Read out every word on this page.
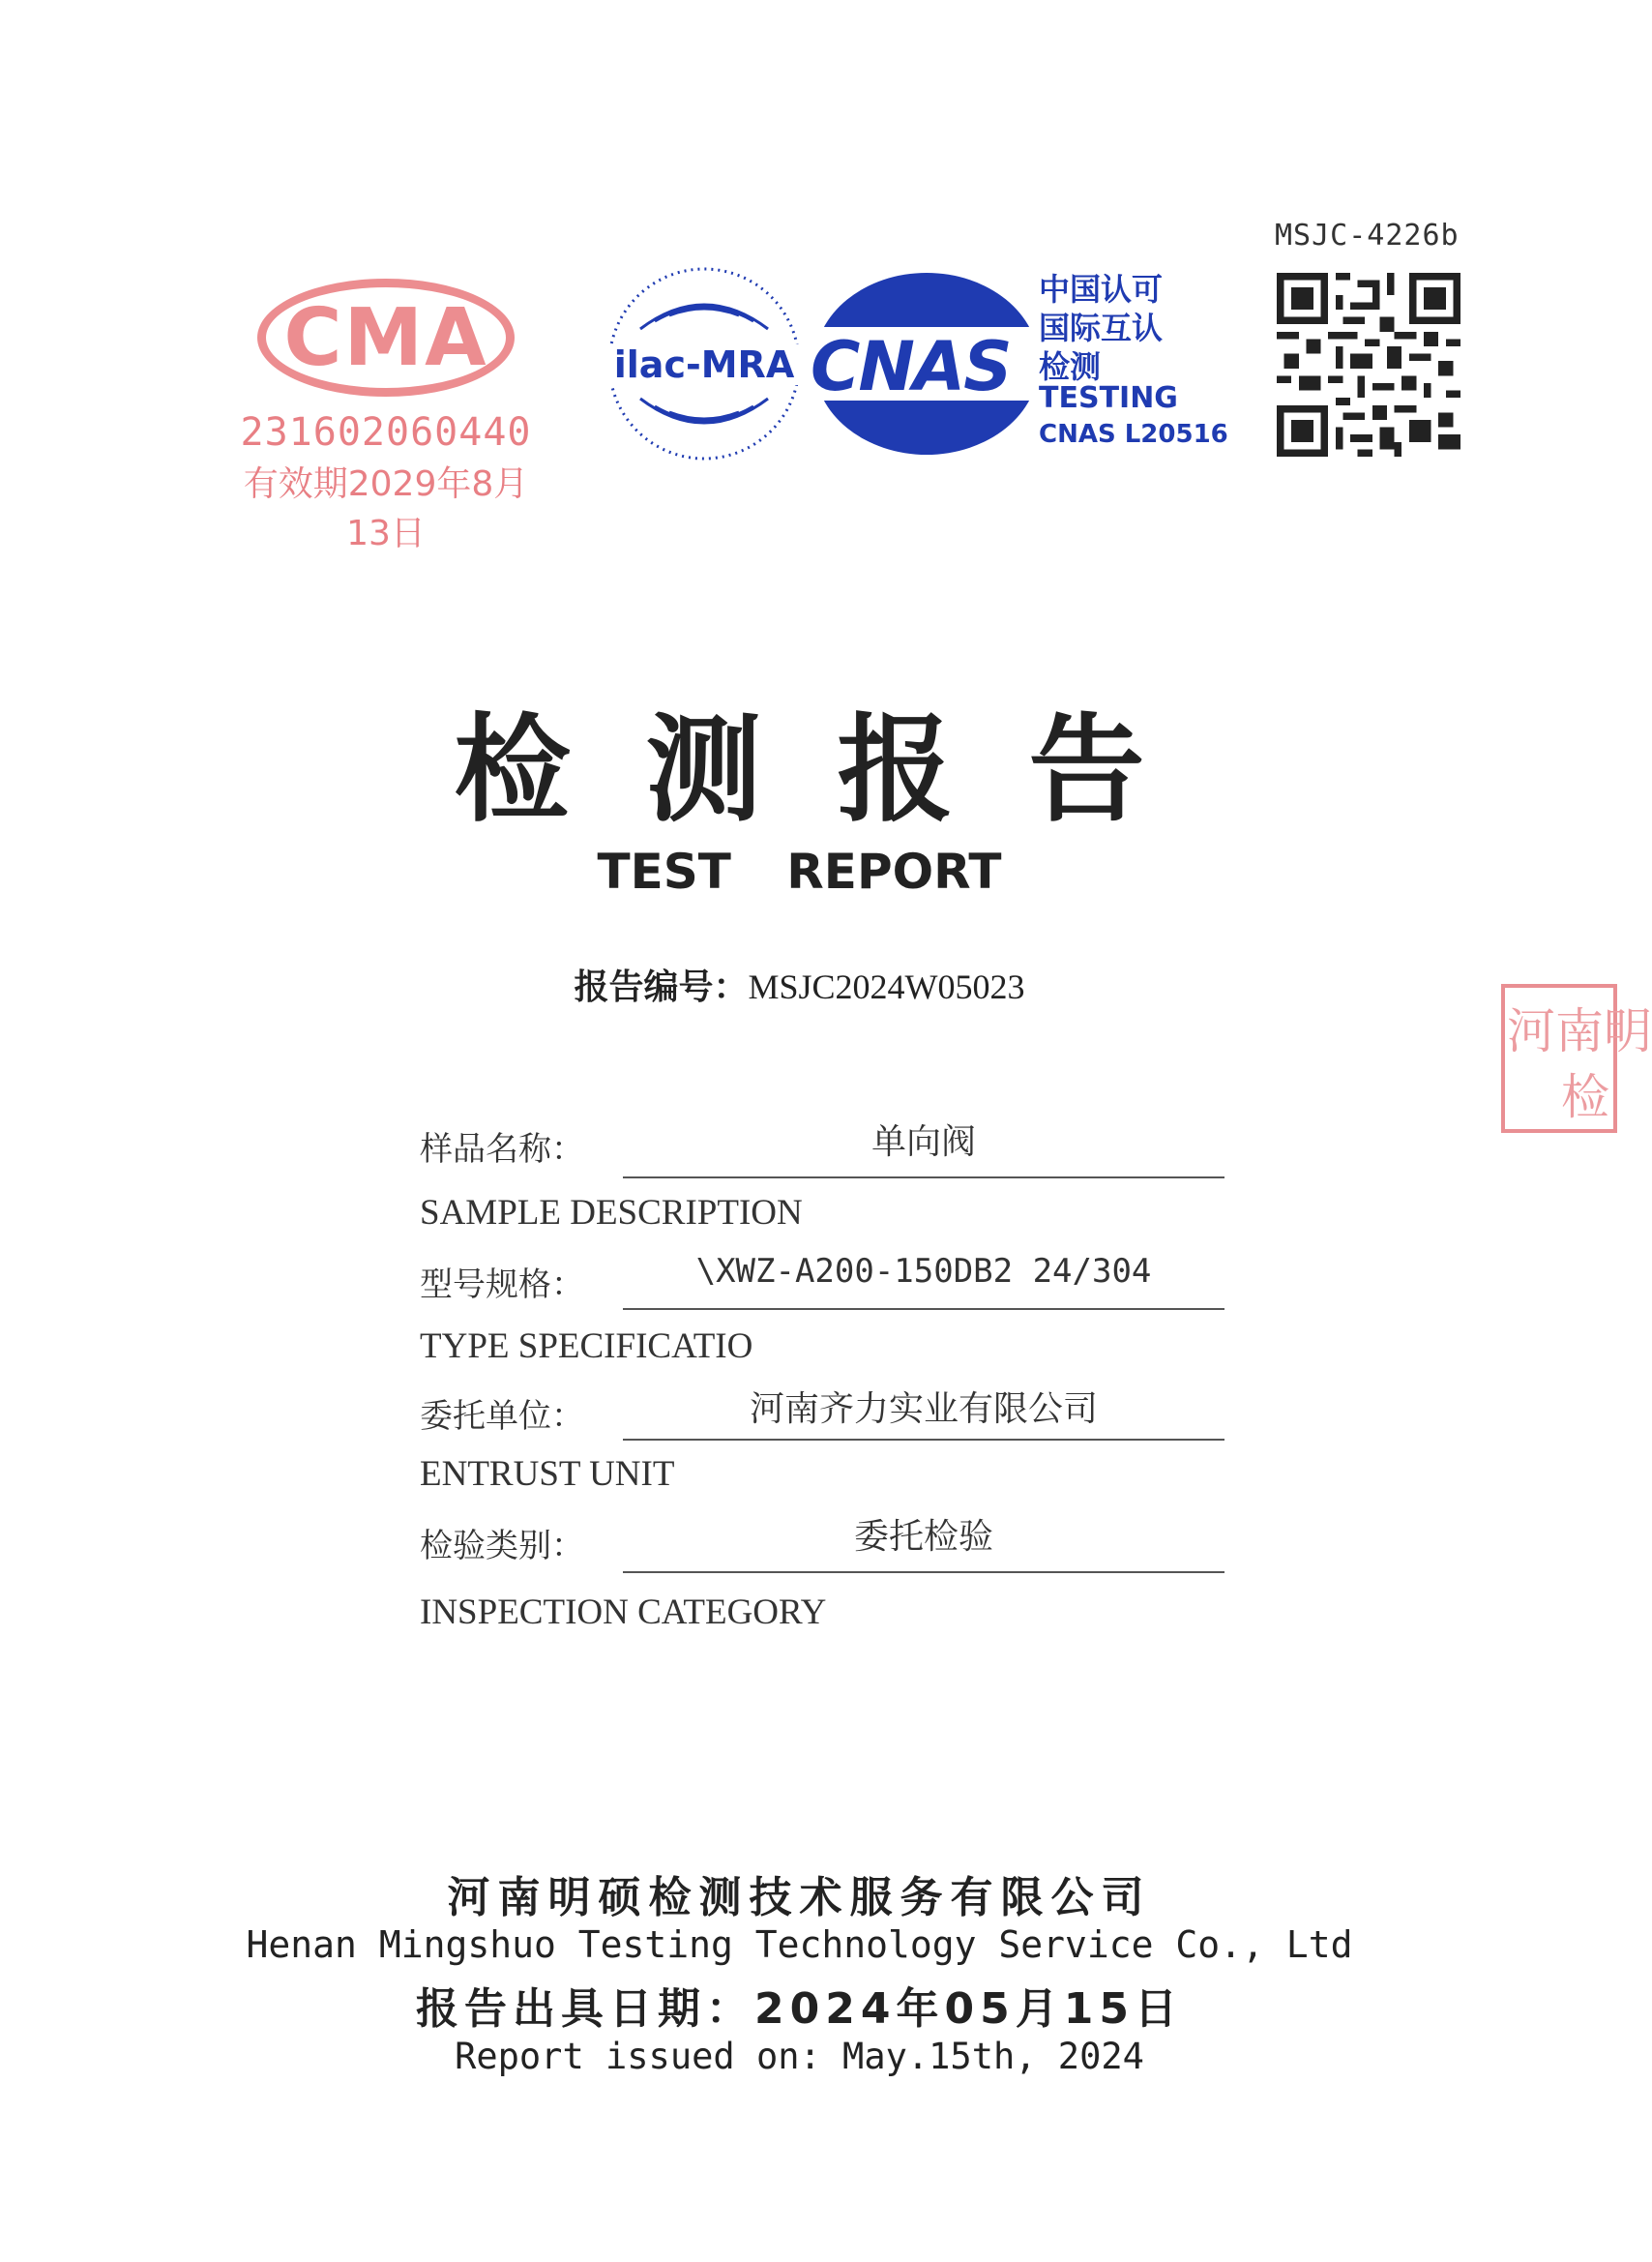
MSJC-4226b
CMA
231602060440
有效期2029年8月13日
ilac-MRA CNAS
中国认可
国际互认
检测
TESTING
CNAS L20516
检测报告
TEST REPORT
报告编号：MSJC2024W05023
样品名称：	单向阀
SAMPLE DESCRIPTION
型号规格：	\XWZ-A200-150DB2 24/304
TYPE SPECIFICATIO
委托单位：	河南齐力实业有限公司
ENTRUST UNIT
检验类别：	委托检验
INSPECTION CATEGORY
河南明硕检测技术服务有限公司
Henan Mingshuo Testing Technology Service Co., Ltd
报告出具日期：2024年05月15日
Report issued on: May.15th, 2024
河南明
检
